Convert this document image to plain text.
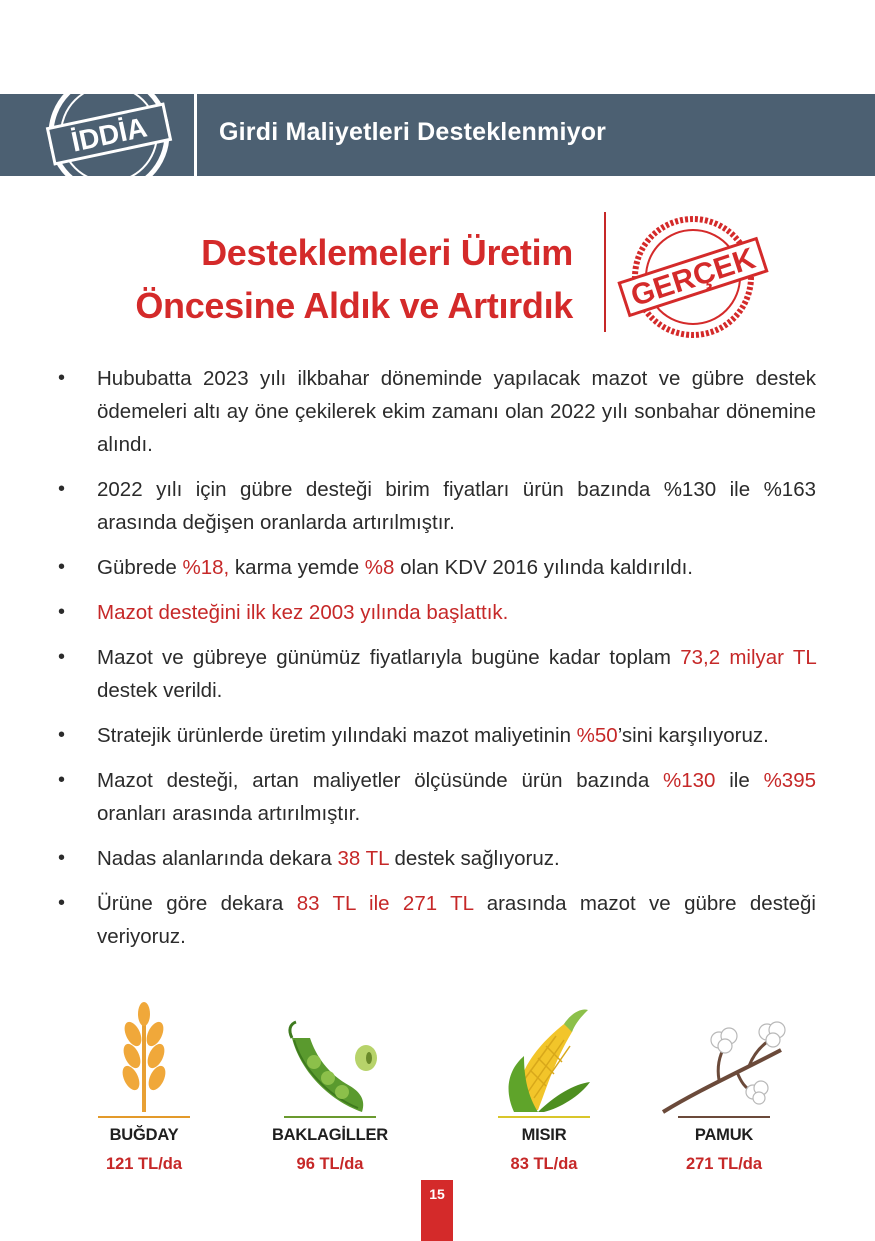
Girdi Maliyetleri Desteklenmiyor
İDDİA
Desteklemeleri Üretim
Öncesine Aldık ve Artırdık GERÇEK
• Hububatta 2023 yılı ilkbahar döneminde yapılacak mazot ve gübre destek ödemeleri altı ay öne çekilerek ekim zamanı olan 2022 yılı sonbahar dönemine alındı.
• 2022 yılı için gübre desteği birim fiyatları ürün bazında %130 ile %163 arasında değişen oranlarda artırılmıştır.
• Gübrede %18, karma yemde %8 olan KDV 2016 yılında kaldırıldı.
• Mazot desteğini ilk kez 2003 yılında başlattık.
• Mazot ve gübreye günümüz fiyatlarıyla bugüne kadar toplam 73,2 milyar TL destek verildi.
• Stratejik ürünlerde üretim yılındaki mazot maliyetinin %50’sini karşılıyoruz.
• Mazot desteği, artan maliyetler ölçüsünde ürün bazında %130 ile %395 oranları arasında artırılmıştır.
• Nadas alanlarında dekara 38 TL destek sağlıyoruz.
• Ürüne göre dekara 83 TL ile 271 TL arasında mazot ve gübre desteği veriyoruz.
BUĞDAY
121 TL/da
BAKLAGİLLER
96 TL/da
MISIR
83 TL/da
PAMUK
271 TL/da
15
